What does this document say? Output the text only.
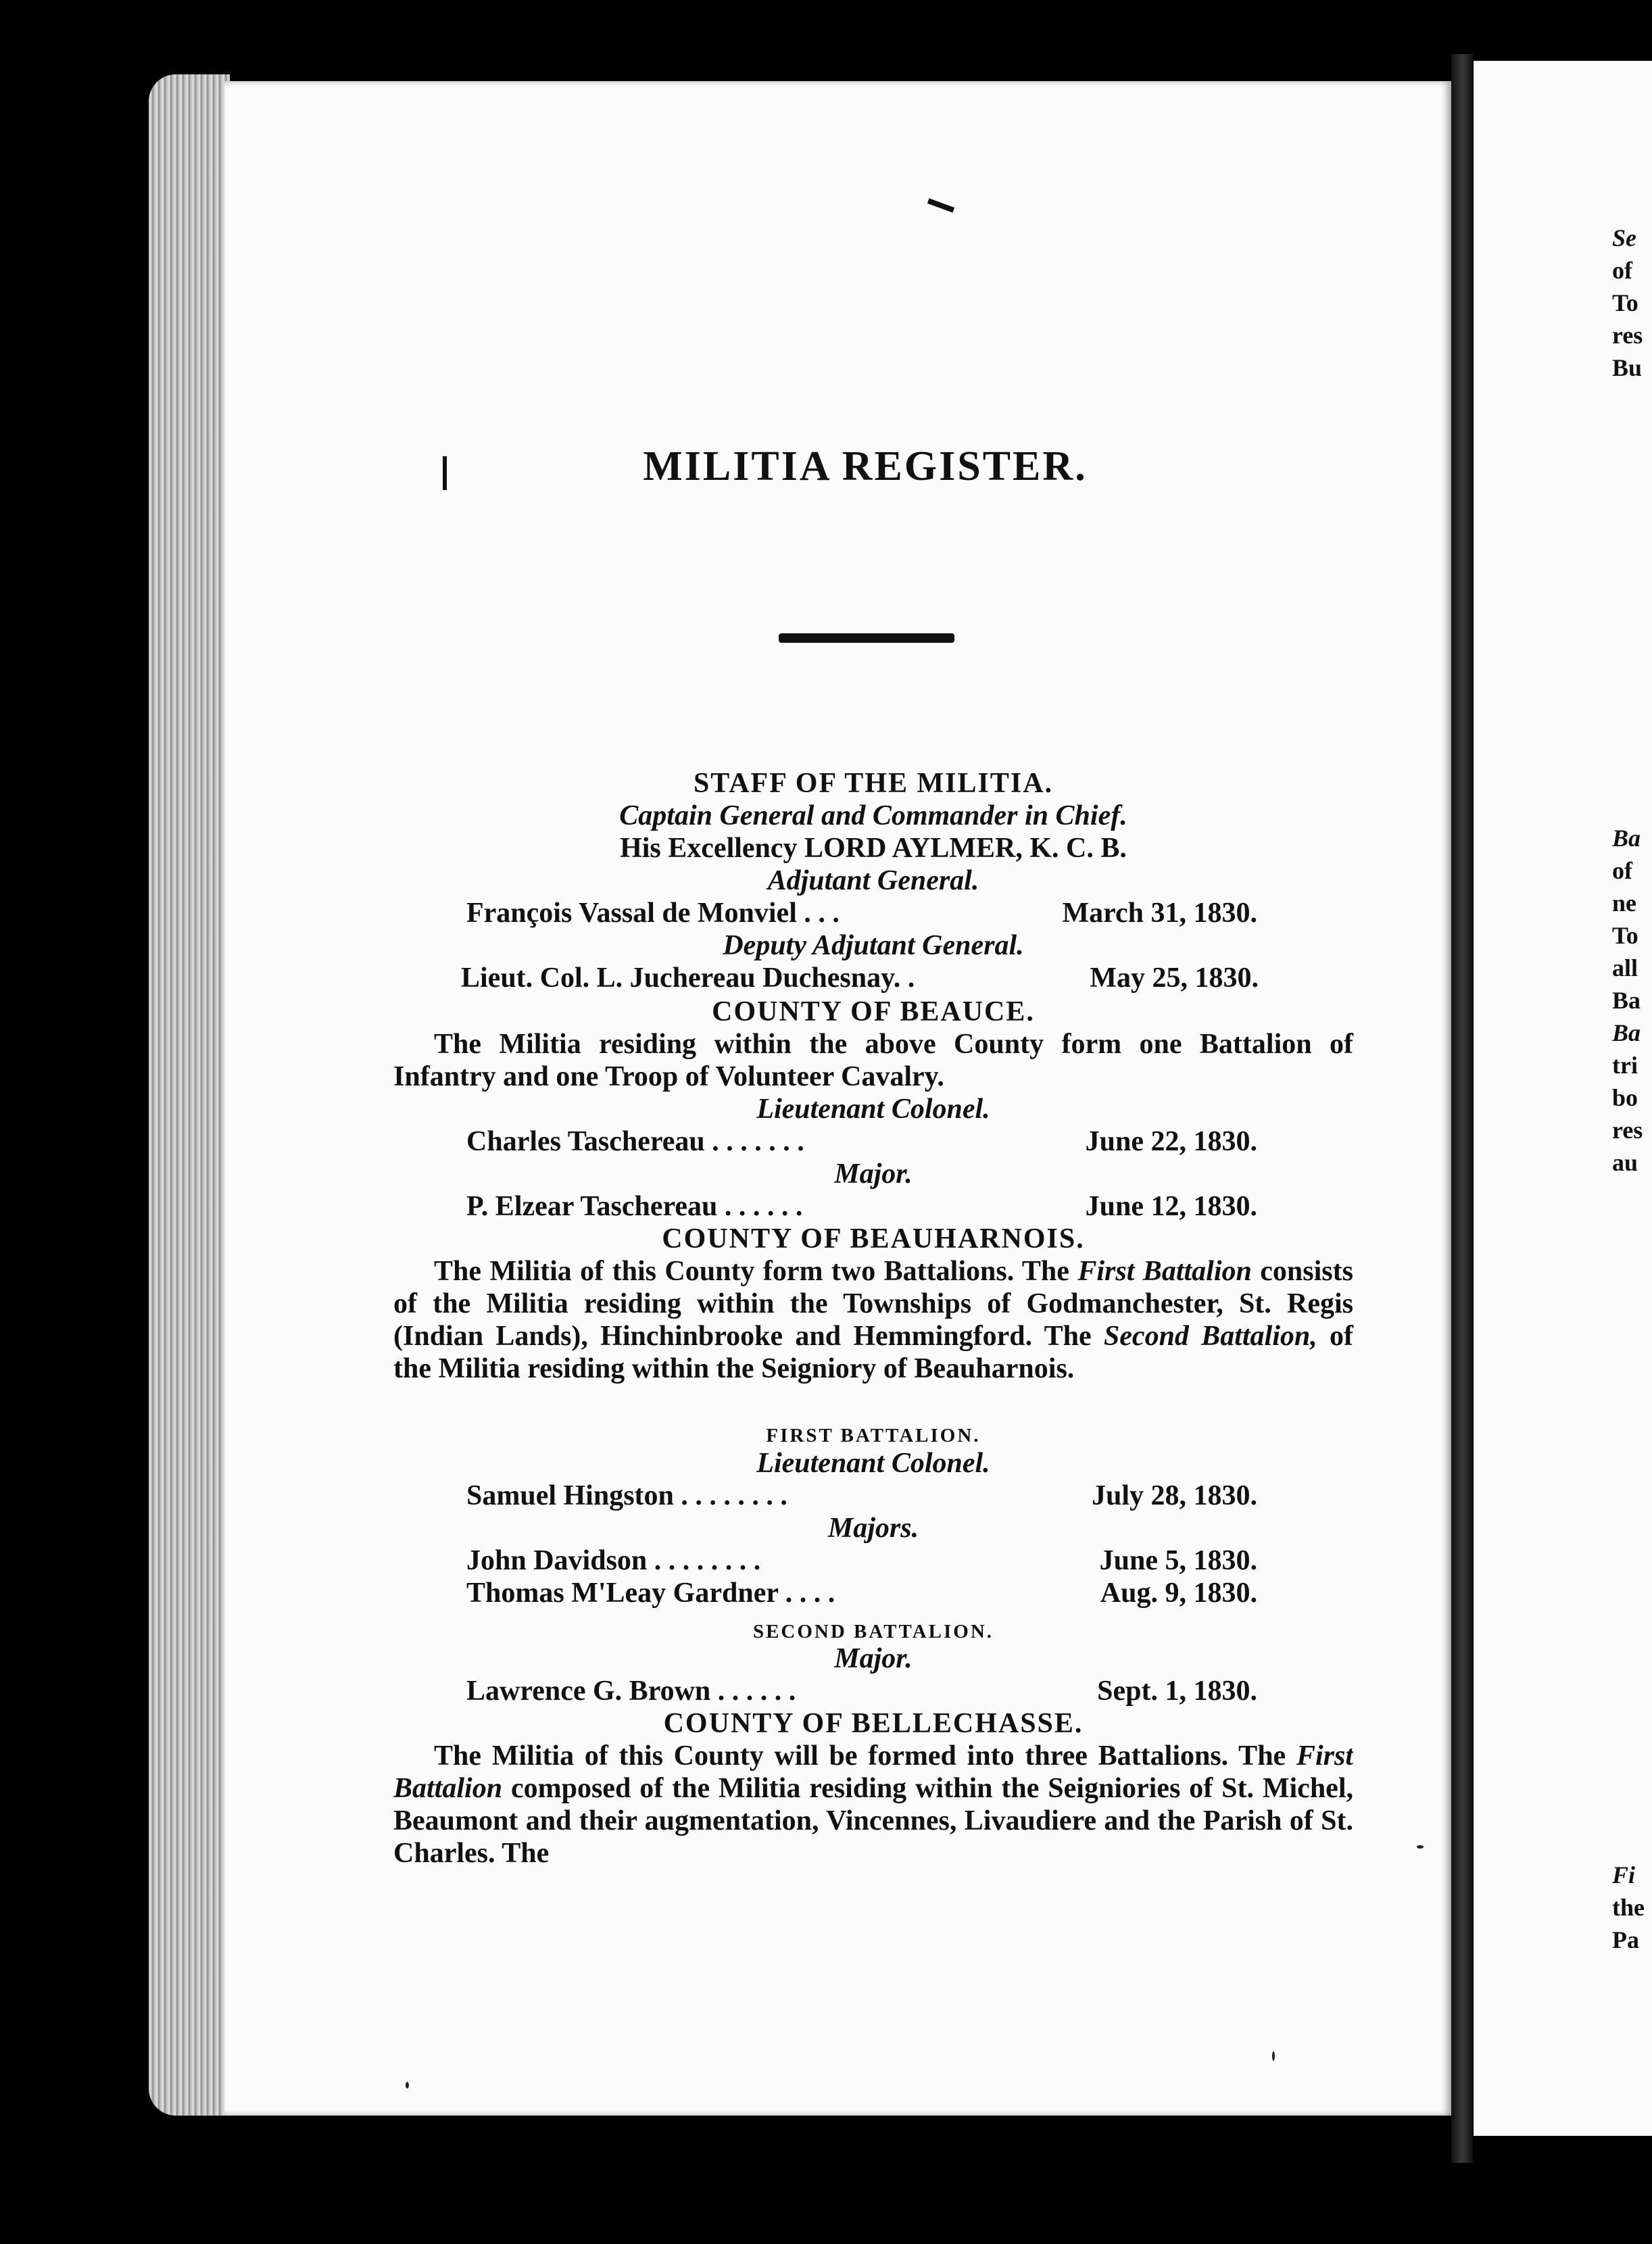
Se
of
To
res
Bu
Ba
of
ne
To
all
Ba
Ba
tri
bo
res
au
Fi
the
Pa
MILITIA REGISTER.
STAFF OF THE MILITIA.
Captain General and Commander in Chief.
His Excellency LORD AYLMER, K. C. B.
Adjutant General.
François Vassal de Monviel . . .	March 31, 1830.
Deputy Adjutant General.
Lieut. Col. L. Juchereau Duchesnay. .	May 25, 1830.
COUNTY OF BEAUCE.
The Militia residing within the above County form one Battalion of Infantry and one Troop of Volunteer Cavalry.
Lieutenant Colonel.
Charles Taschereau . . . . . . .	June 22, 1830.
Major.
P. Elzear Taschereau . . . . . .	June 12, 1830.
COUNTY OF BEAUHARNOIS.
The Militia of this County form two Battalions. The First Battalion consists of the Militia residing within the Townships of Godmanchester, St. Regis (Indian Lands), Hinchinbrooke and Hemmingford. The Second Battalion, of the Militia residing within the Seigniory of Beauharnois.
FIRST BATTALION.
Lieutenant Colonel.
Samuel Hingston . . . . . . . .	July 28, 1830.
Majors.
John Davidson . . . . . . . .	June 5, 1830.
Thomas M'Leay Gardner . . . .	Aug. 9, 1830.
SECOND BATTALION.
Major.
Lawrence G. Brown . . . . . .	Sept. 1, 1830.
COUNTY OF BELLECHASSE.
The Militia of this County will be formed into three Battalions. The First Battalion composed of the Militia residing within the Seigniories of St. Michel, Beaumont and their augmentation, Vincennes, Livaudiere and the Parish of St. Charles. The
